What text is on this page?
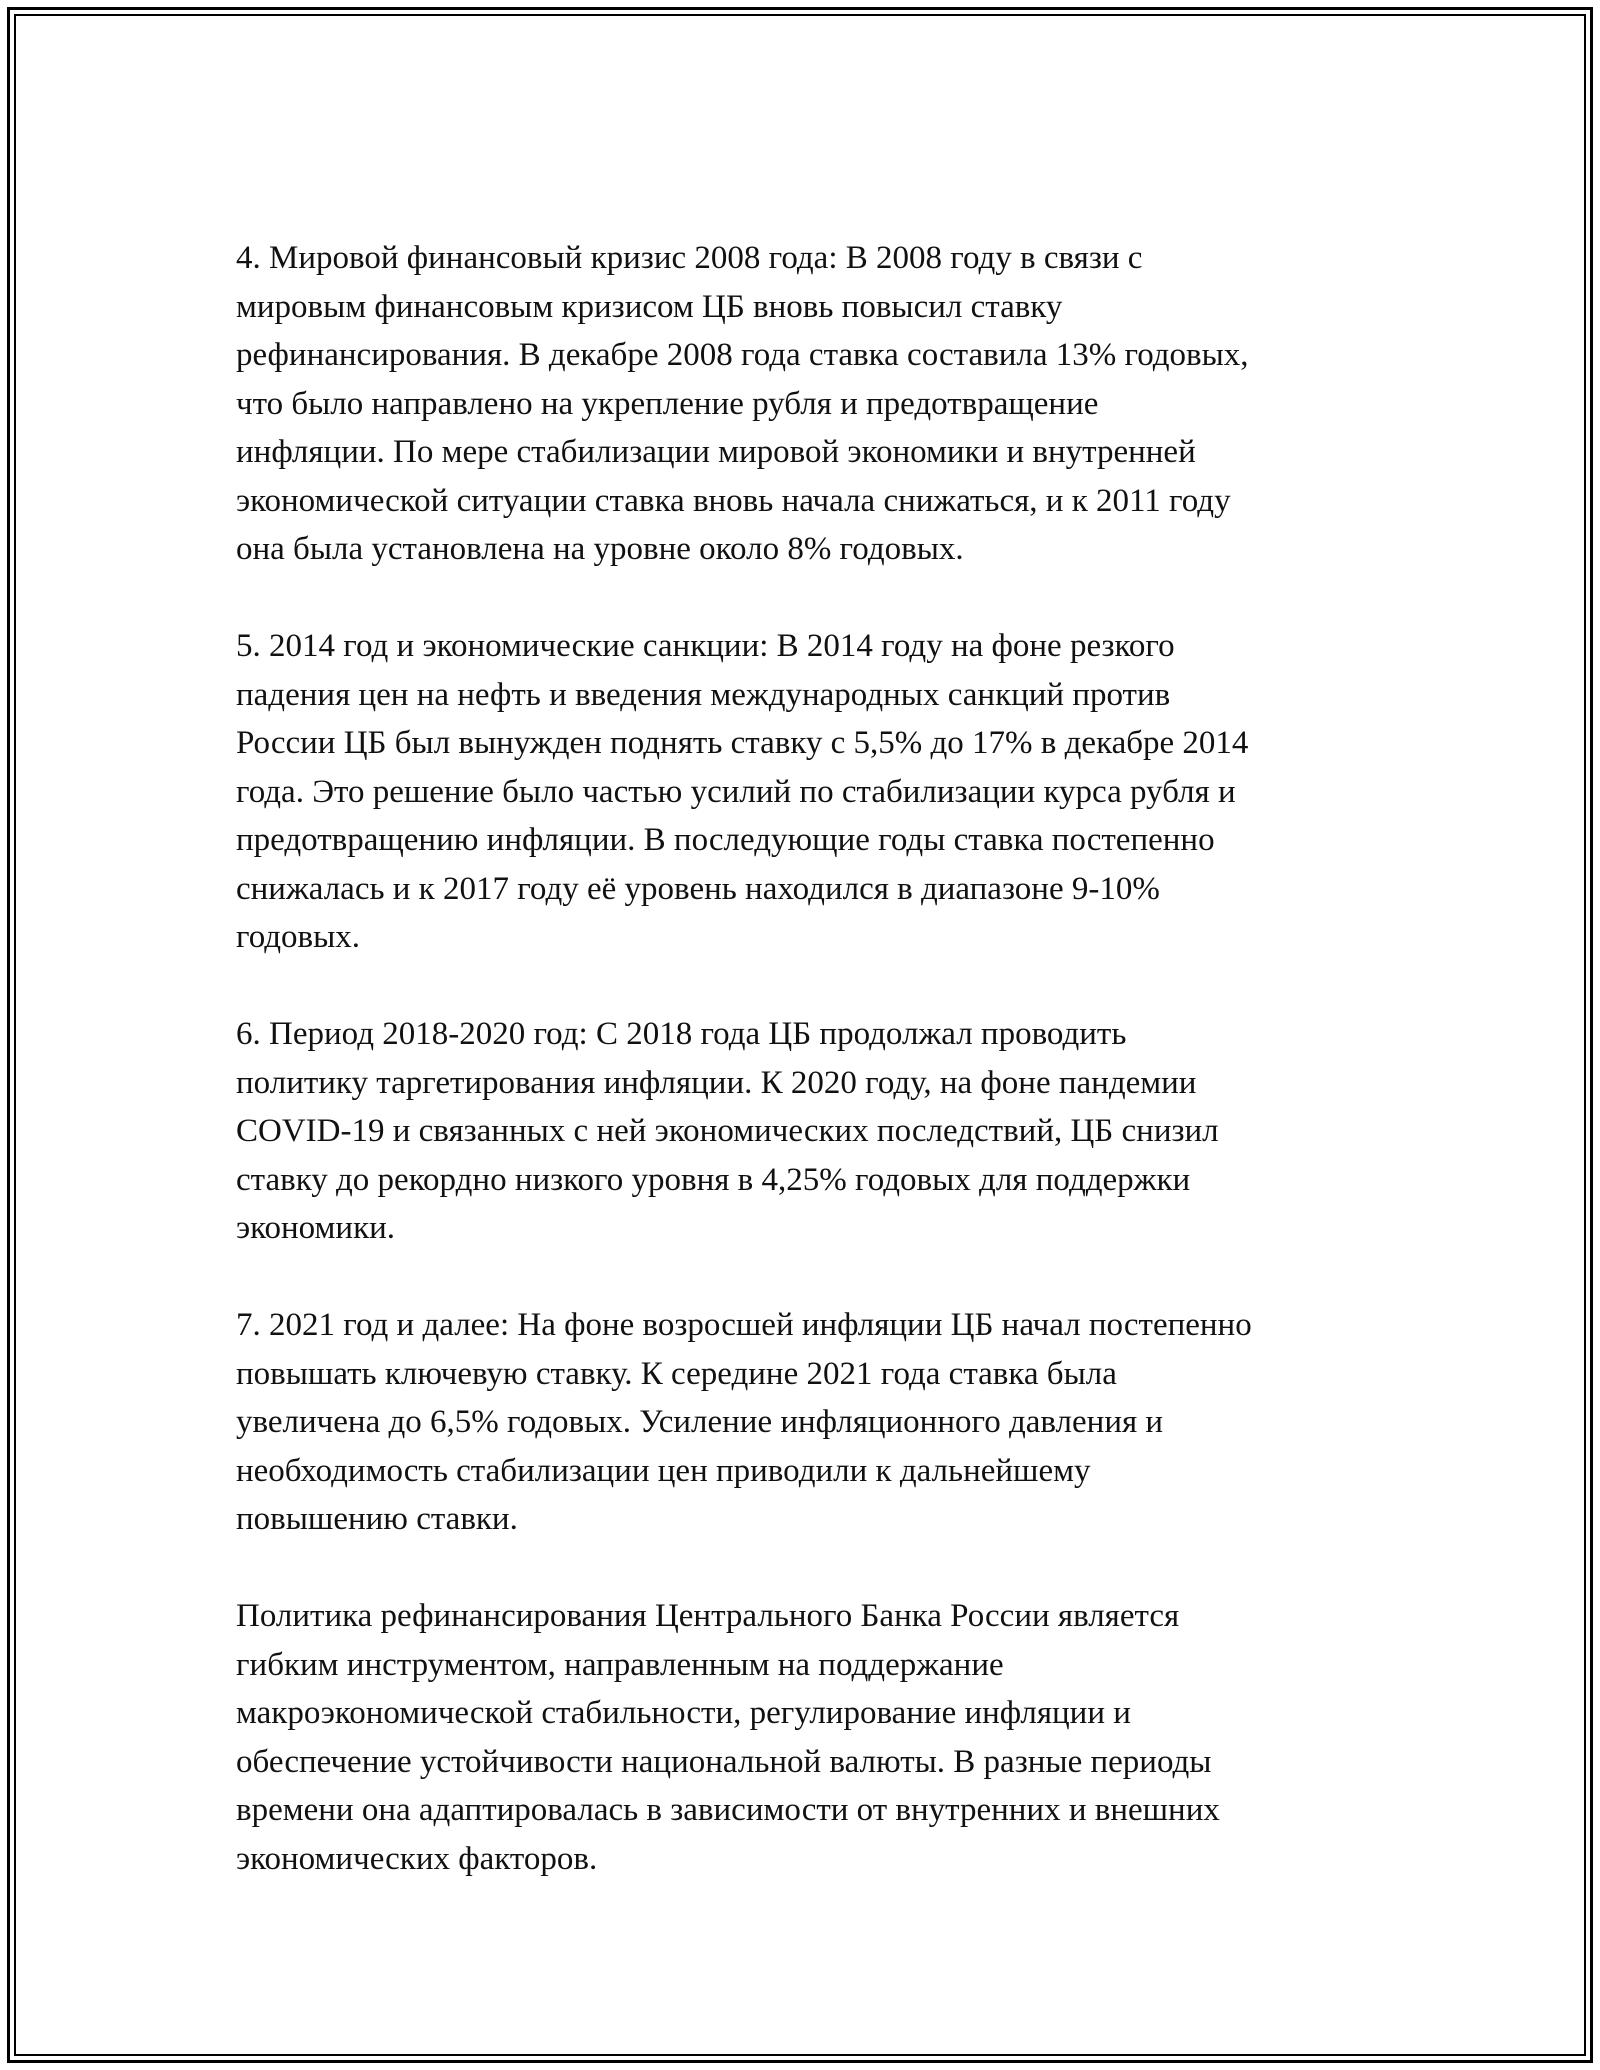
4. Мировой финансовый кризис 2008 года: В 2008 году в связи с
мировым финансовым кризисом ЦБ вновь повысил ставку
рефинансирования. В декабре 2008 года ставка составила 13% годовых,
что было направлено на укрепление рубля и предотвращение
инфляции. По мере стабилизации мировой экономики и внутренней
экономической ситуации ставка вновь начала снижаться, и к 2011 году
она была установлена на уровне около 8% годовых.

5. 2014 год и экономические санкции: В 2014 году на фоне резкого
падения цен на нефть и введения международных санкций против
России ЦБ был вынужден поднять ставку с 5,5% до 17% в декабре 2014
года. Это решение было частью усилий по стабилизации курса рубля и
предотвращению инфляции. В последующие годы ставка постепенно
снижалась и к 2017 году её уровень находился в диапазоне 9-10%
годовых.

6. Период 2018-2020 год: С 2018 года ЦБ продолжал проводить
политику таргетирования инфляции. К 2020 году, на фоне пандемии
COVID-19 и связанных с ней экономических последствий, ЦБ снизил
ставку до рекордно низкого уровня в 4,25% годовых для поддержки
экономики.

7. 2021 год и далее: На фоне возросшей инфляции ЦБ начал постепенно
повышать ключевую ставку. К середине 2021 года ставка была
увеличена до 6,5% годовых. Усиление инфляционного давления и
необходимость стабилизации цен приводили к дальнейшему
повышению ставки.

Политика рефинансирования Центрального Банка России является
гибким инструментом, направленным на поддержание
макроэкономической стабильности, регулирование инфляции и
обеспечение устойчивости национальной валюты. В разные периоды
времени она адаптировалась в зависимости от внутренних и внешних
экономических факторов.
